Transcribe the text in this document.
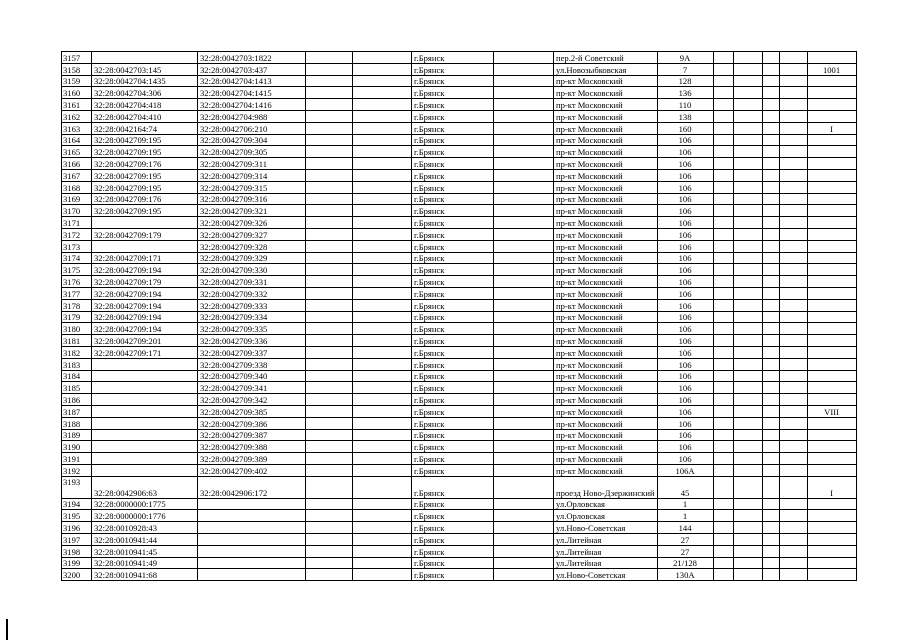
3157		32:28:0042703:1822			г.Брянск		пер.2-й Советский	9А					
3158	32:28:0042703:145	32:28:0042703:437			г.Брянск		ул.Новозыбковская	7					1001
3159	32:28:0042704:1435	32:28:0042704:1413			г.Брянск		пр-кт Московский	128					
3160	32:28:0042704:306	32:28:0042704:1415			г.Брянск		пр-кт Московский	136					
3161	32:28:0042704:418	32:28:0042704:1416			г.Брянск		пр-кт Московский	110					
3162	32:28:0042704:410	32:28:0042704:988			г.Брянск		пр-кт Московский	138					
3163	32:28:0042164:74	32:28:0042706:210			г.Брянск		пр-кт Московский	160					I
3164	32:28:0042709:195	32:28:0042709:304			г.Брянск		пр-кт Московский	106					
3165	32:28:0042709:195	32:28:0042709:305			г.Брянск		пр-кт Московский	106					
3166	32:28:0042709:176	32:28:0042709:311			г.Брянск		пр-кт Московский	106					
3167	32:28:0042709:195	32:28:0042709:314			г.Брянск		пр-кт Московский	106					
3168	32:28:0042709:195	32:28:0042709:315			г.Брянск		пр-кт Московский	106					
3169	32:28:0042709:176	32:28:0042709:316			г.Брянск		пр-кт Московский	106					
3170	32:28:0042709:195	32:28:0042709:321			г.Брянск		пр-кт Московский	106					
3171		32:28:0042709:326			г.Брянск		пр-кт Московский	106					
3172	32:28:0042709:179	32:28:0042709:327			г.Брянск		пр-кт Московский	106					
3173		32:28:0042709:328			г.Брянск		пр-кт Московский	106					
3174	32:28:0042709:171	32:28:0042709:329			г.Брянск		пр-кт Московский	106					
3175	32:28:0042709:194	32:28:0042709:330			г.Брянск		пр-кт Московский	106					
3176	32:28:0042709:179	32:28:0042709:331			г.Брянск		пр-кт Московский	106					
3177	32:28:0042709:194	32:28:0042709:332			г.Брянск		пр-кт Московский	106					
3178	32:28:0042709:194	32:28:0042709:333			г.Брянск		пр-кт Московский	106					
3179	32:28:0042709:194	32:28:0042709:334			г.Брянск		пр-кт Московский	106					
3180	32:28:0042709:194	32:28:0042709:335			г.Брянск		пр-кт Московский	106					
3181	32:28:0042709:201	32:28:0042709:336			г.Брянск		пр-кт Московский	106					
3182	32:28:0042709:171	32:28:0042709:337			г.Брянск		пр-кт Московский	106					
3183		32:28:0042709:338			г.Брянск		пр-кт Московский	106					
3184		32:28:0042709:340			г.Брянск		пр-кт Московский	106					
3185		32:28:0042709:341			г.Брянск		пр-кт Московский	106					
3186		32:28:0042709:342			г.Брянск		пр-кт Московский	106					
3187		32:28:0042709:385			г.Брянск		пр-кт Московский	106					VIII
3188		32:28:0042709:386			г.Брянск		пр-кт Московский	106					
3189		32:28:0042709:387			г.Брянск		пр-кт Московский	106					
3190		32:28:0042709:388			г.Брянск		пр-кт Московский	106					
3191		32:28:0042709:389			г.Брянск		пр-кт Московский	106					
3192		32:28:0042709:402			г.Брянск		пр-кт Московский	106А					
3193	32:28:0042906:63	32:28:0042906:172			г.Брянск		проезд Ново-Дзержинский	45					I
3194	32:28:0000000:1775				г.Брянск		ул.Орловская	1					
3195	32:28:0000000:1776				г.Брянск		ул.Орловская	1					
3196	32:28:0010928:43				г.Брянск		ул.Ново-Советская	144					
3197	32:28:0010941:44				г.Брянск		ул.Литейная	27					
3198	32:28:0010941:45				г.Брянск		ул.Литейная	27					
3199	32:28:0010941:49				г.Брянск		ул.Литейная	21/128					
3200	32:28:0010941:68				г.Брянск		ул.Ново-Советская	130А					
